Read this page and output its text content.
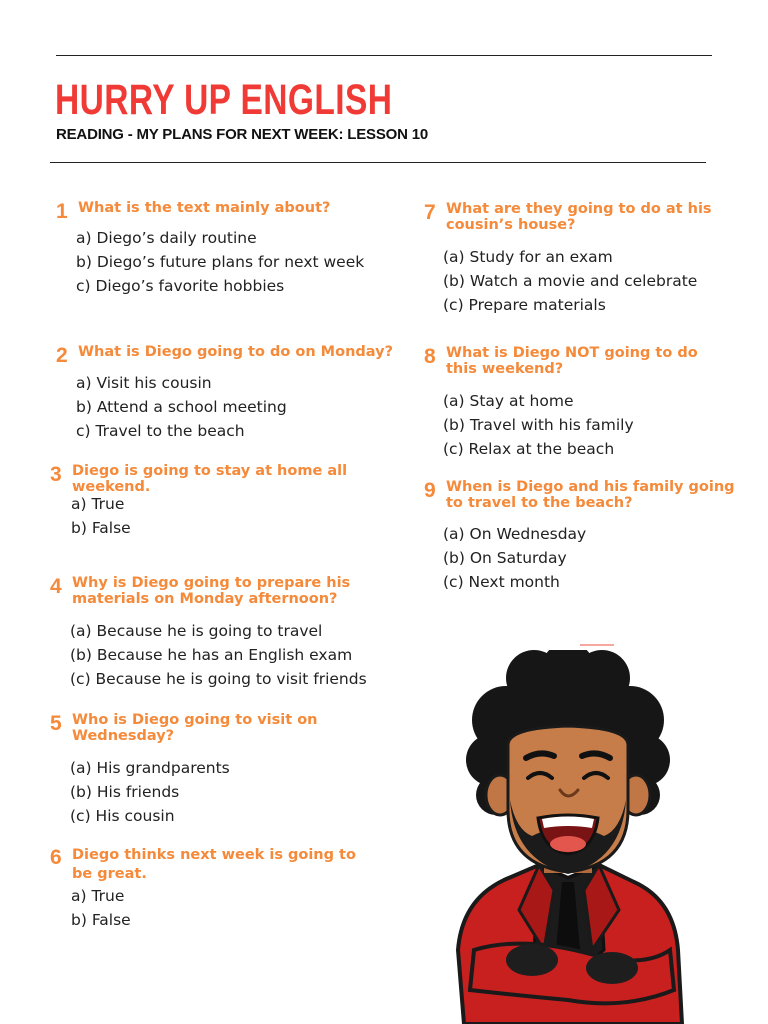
HURRY UP ENGLISH
READING - MY PLANS FOR NEXT WEEK: LESSON 10
1 What is the text mainly about?
a) Diego’s daily routine
b) Diego’s future plans for next week
c) Diego’s favorite hobbies
2 What is Diego going to do on Monday?
a) Visit his cousin
b) Attend a school meeting
c) Travel to the beach
3 Diego is going to stay at home all weekend.
a) True
b) False
4 Why is Diego going to prepare his materials on Monday afternoon?
(a) Because he is going to travel
(b) Because he has an English exam
(c) Because he is going to visit friends
5 Who is Diego going to visit on Wednesday?
(a) His grandparents
(b) His friends
(c) His cousin
6 Diego thinks next week is going to be great.
a) True
b) False
7 What are they going to do at his cousin’s house?
(a) Study for an exam
(b) Watch a movie and celebrate
(c) Prepare materials
8 What is Diego NOT going to do this weekend?
(a) Stay at home
(b) Travel with his family
(c) Relax at the beach
9 When is Diego and his family going to travel to the beach?
(a) On Wednesday
(b) On Saturday
(c) Next month
